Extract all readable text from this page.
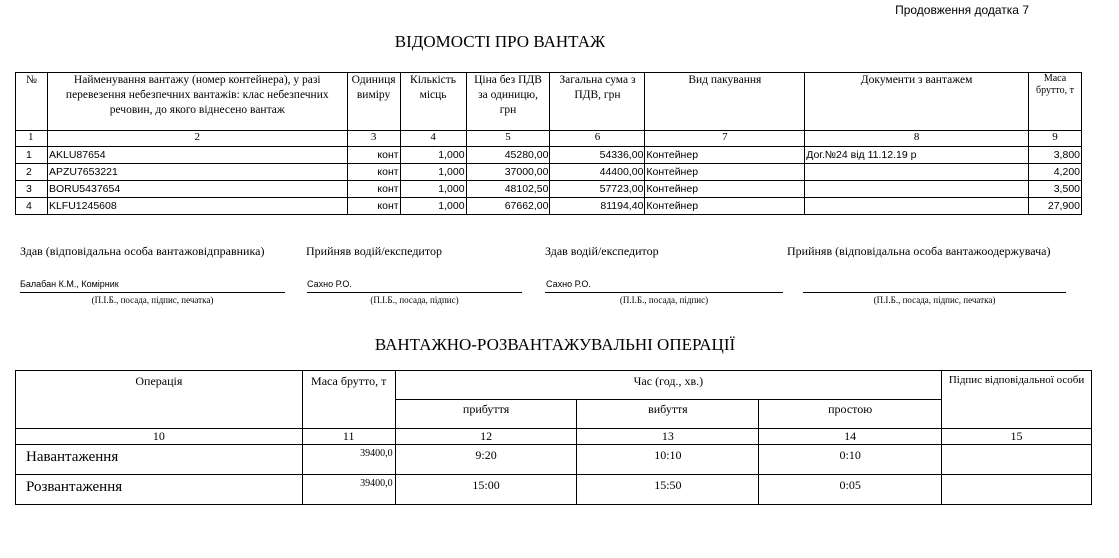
Продовження додатка 7
ВІДОМОСТІ ПРО ВАНТАЖ
№	Найменування вантажу (номер контейнера), у разі перевезення небезпечних вантажів: клас небезпечних речовин, до якого віднесено вантаж	Одиниця виміру	Кількість місць	Ціна без ПДВ за одиницю, грн	Загальна сума з ПДВ, грн	Вид пакування	Документи з вантажем	Маса брутто, т
1	2	3	4	5	6	7	8	9
1	AKLU87654	конт	1,000	45280,00	54336,00	Контейнер	Дог.№24 від 11.12.19 р	3,800
2	APZU7653221	конт	1,000	37000,00	44400,00	Контейнер		4,200
3	BORU5437654	конт	1,000	48102,50	57723,00	Контейнер		3,500
4	KLFU1245608	конт	1,000	67662,00	81194,40	Контейнер		27,900
Здав (відповідальна особа вантажовідправника)	Прийняв водій/експедитор	Здав водій/експедитор	Прийняв (відповідальна особа вантажоодержувача)
Балабан К.М., Комірник	Сахно Р.О.	Сахно Р.О.
(П.І.Б., посада, підпис, печатка)	(П.І.Б., посада, підпис)	(П.І.Б., посада, підпис)	(П.І.Б., посада, підпис, печатка)
ВАНТАЖНО-РОЗВАНТАЖУВАЛЬНІ ОПЕРАЦІЇ
Операція	Маса брутто, т	Час (год., хв.)			Підпис відповідальної особи
		прибуття	вибуття	простою	
10	11	12	13	14	15
Навантаження	39400,0	9:20	10:10	0:10	
Розвантаження	39400,0	15:00	15:50	0:05	
